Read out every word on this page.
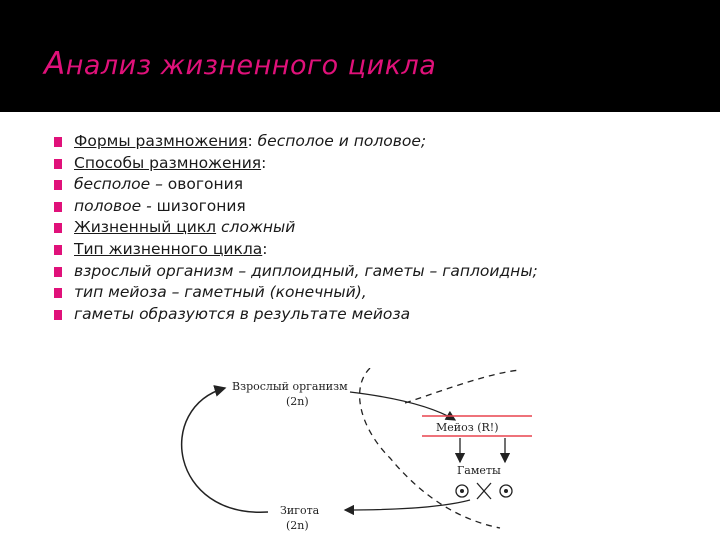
Анализ жизненного цикла
Формы размножения: бесполое и половое;
Способы размножения:
бесполое – овогония
половое - шизогония
Жизненный цикл сложный
Тип жизненного цикла:
взрослый организм – диплоидный, гаметы – гаплоидны;
тип мейоза – гаметный (конечный),
гаметы образуются в результате мейоза
Взрослый организм
(2n)
Мейоз (R!)
Гаметы
Зигота
(2n)
